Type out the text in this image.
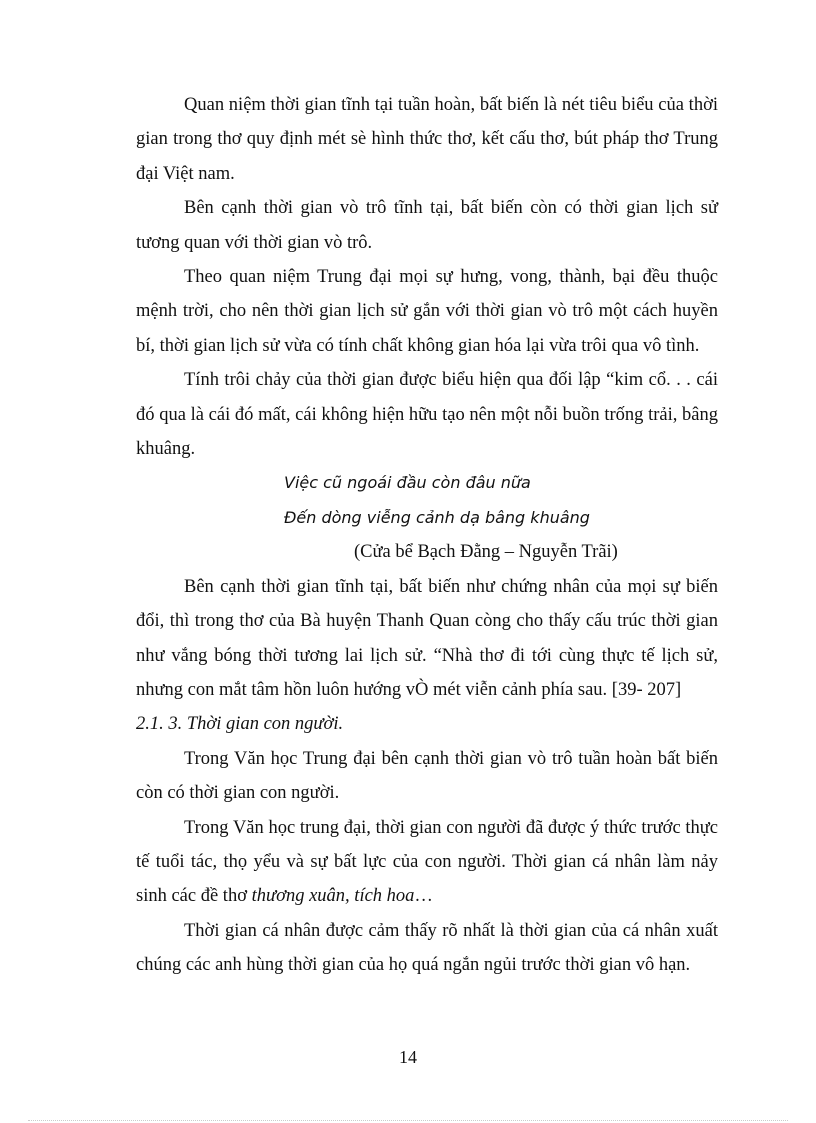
Quan niệm thời gian tĩnh tại tuần hoàn, bất biến là nét tiêu biểu của thời gian trong thơ quy định mét sè hình thức thơ, kết cấu thơ, bút pháp thơ Trung đại Việt nam.

Bên cạnh thời gian vò trô tĩnh tại, bất biến còn có thời gian lịch sử tương quan với thời gian vò trô.

Theo quan niệm Trung đại mọi sự hưng, vong, thành, bại đều thuộc mệnh trời, cho nên thời gian lịch sử gắn với thời gian vò trô một cách huyền bí, thời gian lịch sử vừa có tính chất không gian hóa lại vừa trôi qua vô tình.

Tính trôi chảy của thời gian được biểu hiện qua đối lập “kim cổ. . . cái đó qua là cái đó mất, cái không hiện hữu tạo nên một nỗi buồn trống trải, bâng khuâng.

Việc cũ ngoái đầu còn đâu nữa
Đến dòng viễng cảnh dạ bâng khuâng
(Cửa bể Bạch Đằng – Nguyễn Trãi)

Bên cạnh thời gian tĩnh tại, bất biến như chứng nhân của mọi sự biến đổi, thì trong thơ của Bà huyện Thanh Quan còng cho thấy cấu trúc thời gian như vắng bóng thời tương lai lịch sử. “Nhà thơ đi tới cùng thực tế lịch sử, nhưng con mắt tâm hồn luôn hướng vÒ mét viễn cảnh phía sau. [39- 207]

2.1. 3. Thời gian con người.

Trong Văn học Trung đại bên cạnh thời gian vò trô tuần hoàn bất biến còn có thời gian con người.

Trong Văn học trung đại, thời gian con người đã được ý thức trước thực tế tuổi tác, thọ yểu và sự bất lực của con người. Thời gian cá nhân làm nảy sinh các đề thơ thương xuân, tích hoa…

Thời gian cá nhân được cảm thấy rõ nhất là thời gian của cá nhân xuất chúng các anh hùng thời gian của họ quá ngắn ngủi trước thời gian vô hạn.

14
